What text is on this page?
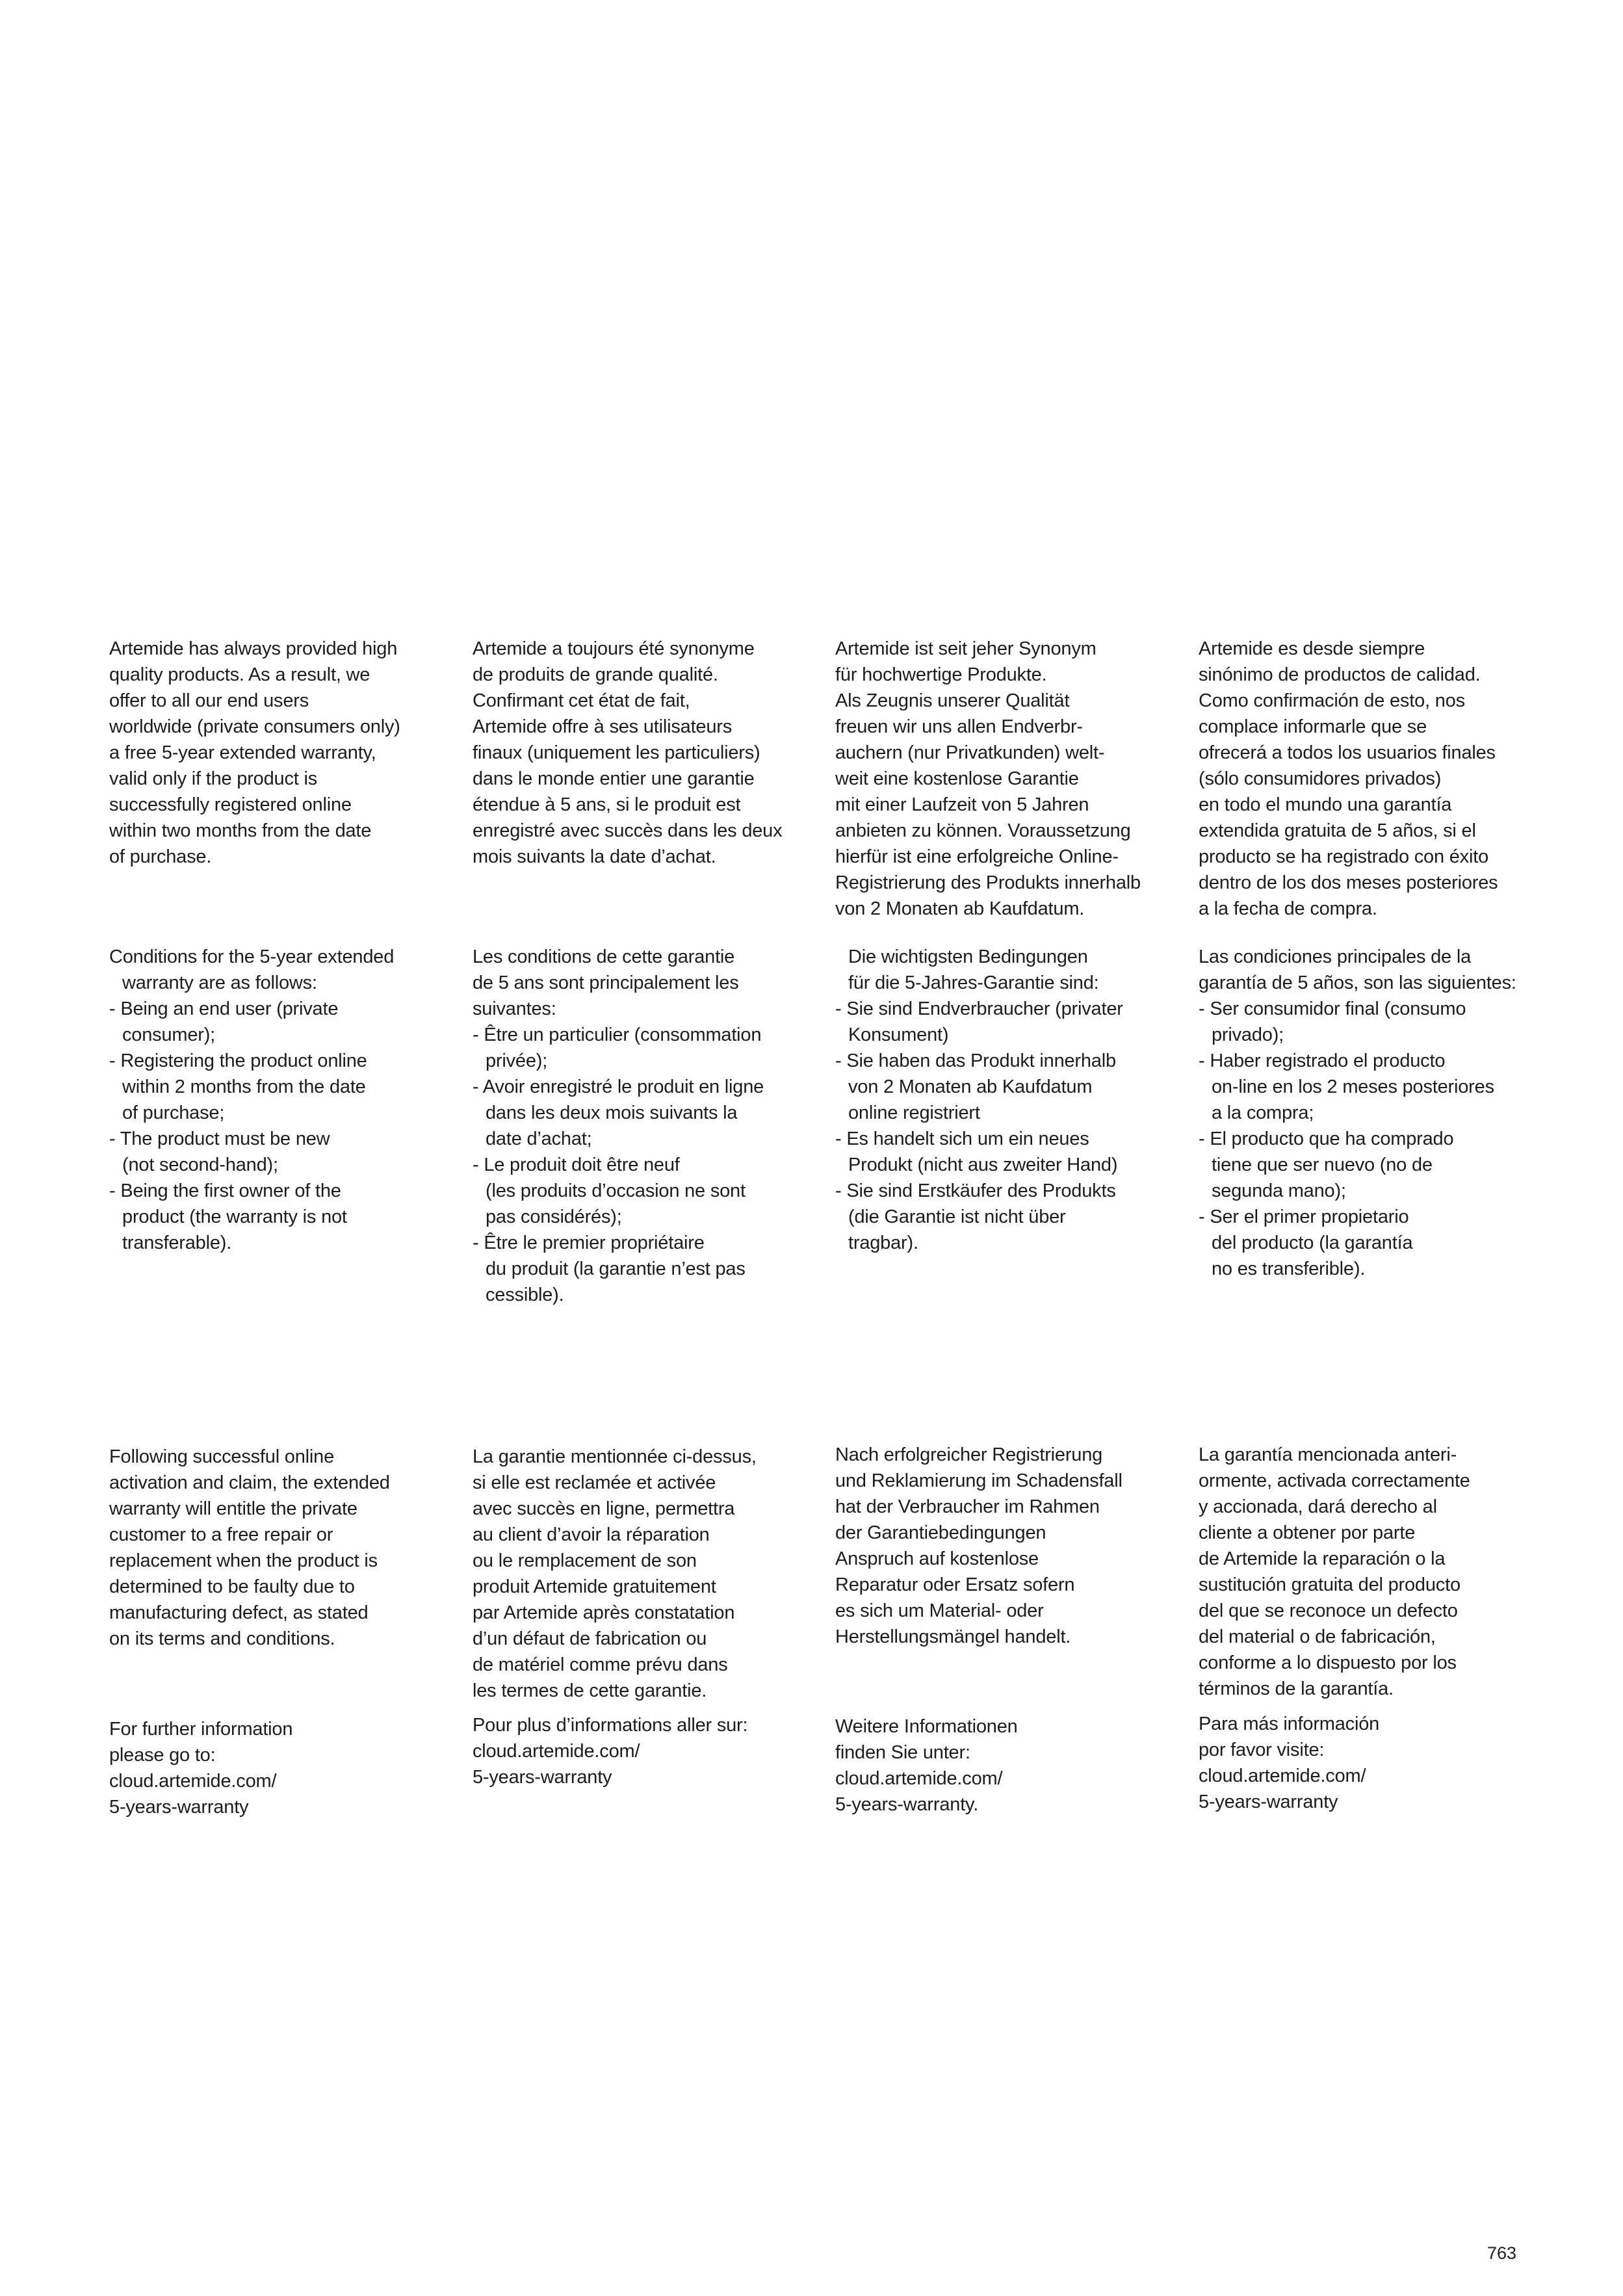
Artemide has always provided high
quality products. As a result, we
offer to all our end users
worldwide (private consumers only)
a free 5-year extended warranty,
valid only if the product is
successfully registered online
within two months from the date
of purchase.

Conditions for the 5-year extended
warranty are as follows:

- Being an end user (private
consumer);

- Registering the product online
within 2 months from the date
of purchase;

- The product must be new
(not second-hand);

- Being the first owner of the
product (the warranty is not
transferable).

Following successful online
activation and claim, the extended
warranty will entitle the private
customer to a free repair or
replacement when the product is
determined to be faulty due to
manufacturing defect, as stated
on its terms and conditions.

For further information
please go to:
cloud.artemide.com/
5-years-warranty

Artemide a toujours été synonyme
de produits de grande qualité.
Confirmant cet état de fait,
Artemide offre à ses utilisateurs
finaux (uniquement les particuliers)
dans le monde entier une garantie
étendue à 5 ans, si le produit est
enregistré avec succès dans les deux
mois suivants la date d’achat.

Les conditions de cette garantie
de 5 ans sont principalement les
suivantes:

- Être un particulier (consommation
privée);

- Avoir enregistré le produit en ligne
dans les deux mois suivants la
date d’achat;

- Le produit doit être neuf
(les produits d’occasion ne sont
pas considérés);

- Être le premier propriétaire
du produit (la garantie n’est pas
cessible).

La garantie mentionnée ci-dessus,
si elle est reclamée et activée
avec succès en ligne, permettra
au client d’avoir la réparation
ou le remplacement de son
produit Artemide gratuitement
par Artemide après constatation
d’un défaut de fabrication ou
de matériel comme prévu dans
les termes de cette garantie.

Pour plus d’informations aller sur:
cloud.artemide.com/
5-years-warranty

Artemide ist seit jeher Synonym
für hochwertige Produkte.
Als Zeugnis unserer Qualität
freuen wir uns allen Endverbr-
auchern (nur Privatkunden) welt-
weit eine kostenlose Garantie
mit einer Laufzeit von 5 Jahren
anbieten zu können. Voraussetzung
hierfür ist eine erfolgreiche Online-
Registrierung des Produkts innerhalb
von 2 Monaten ab Kaufdatum.

Die wichtigsten Bedingungen
für die 5-Jahres-Garantie sind:

- Sie sind Endverbraucher (privater
Konsument)

- Sie haben das Produkt innerhalb
von 2 Monaten ab Kaufdatum
online registriert

- Es handelt sich um ein neues
Produkt (nicht aus zweiter Hand)

- Sie sind Erstkäufer des Produkts
(die Garantie ist nicht über
tragbar).

Nach erfolgreicher Registrierung
und Reklamierung im Schadensfall
hat der Verbraucher im Rahmen
der Garantiebedingungen
Anspruch auf kostenlose
Reparatur oder Ersatz sofern
es sich um Material- oder
Herstellungsmängel handelt.

Weitere Informationen
finden Sie unter:
cloud.artemide.com/
5-years-warranty.

Artemide es desde siempre
sinónimo de productos de calidad.
Como confirmación de esto, nos
complace informarle que se
ofrecerá a todos los usuarios finales
(sólo consumidores privados)
en todo el mundo una garantía
extendida gratuita de 5 años, si el
producto se ha registrado con éxito
dentro de los dos meses posteriores
a la fecha de compra.

Las condiciones principales de la
garantía de 5 años, son las siguientes:

- Ser consumidor final (consumo
privado);

- Haber registrado el producto
on-line en los 2 meses posteriores
a la compra;

- El producto que ha comprado
tiene que ser nuevo (no de
segunda mano);

- Ser el primer propietario
del producto (la garantía
no es transferible).

La garantía mencionada anteri-
ormente, activada correctamente
y accionada, dará derecho al
cliente a obtener por parte
de Artemide la reparación o la
sustitución gratuita del producto
del que se reconoce un defecto
del material o de fabricación,
conforme a lo dispuesto por los
términos de la garantía.

Para más información
por favor visite:
cloud.artemide.com/
5-years-warranty

763
